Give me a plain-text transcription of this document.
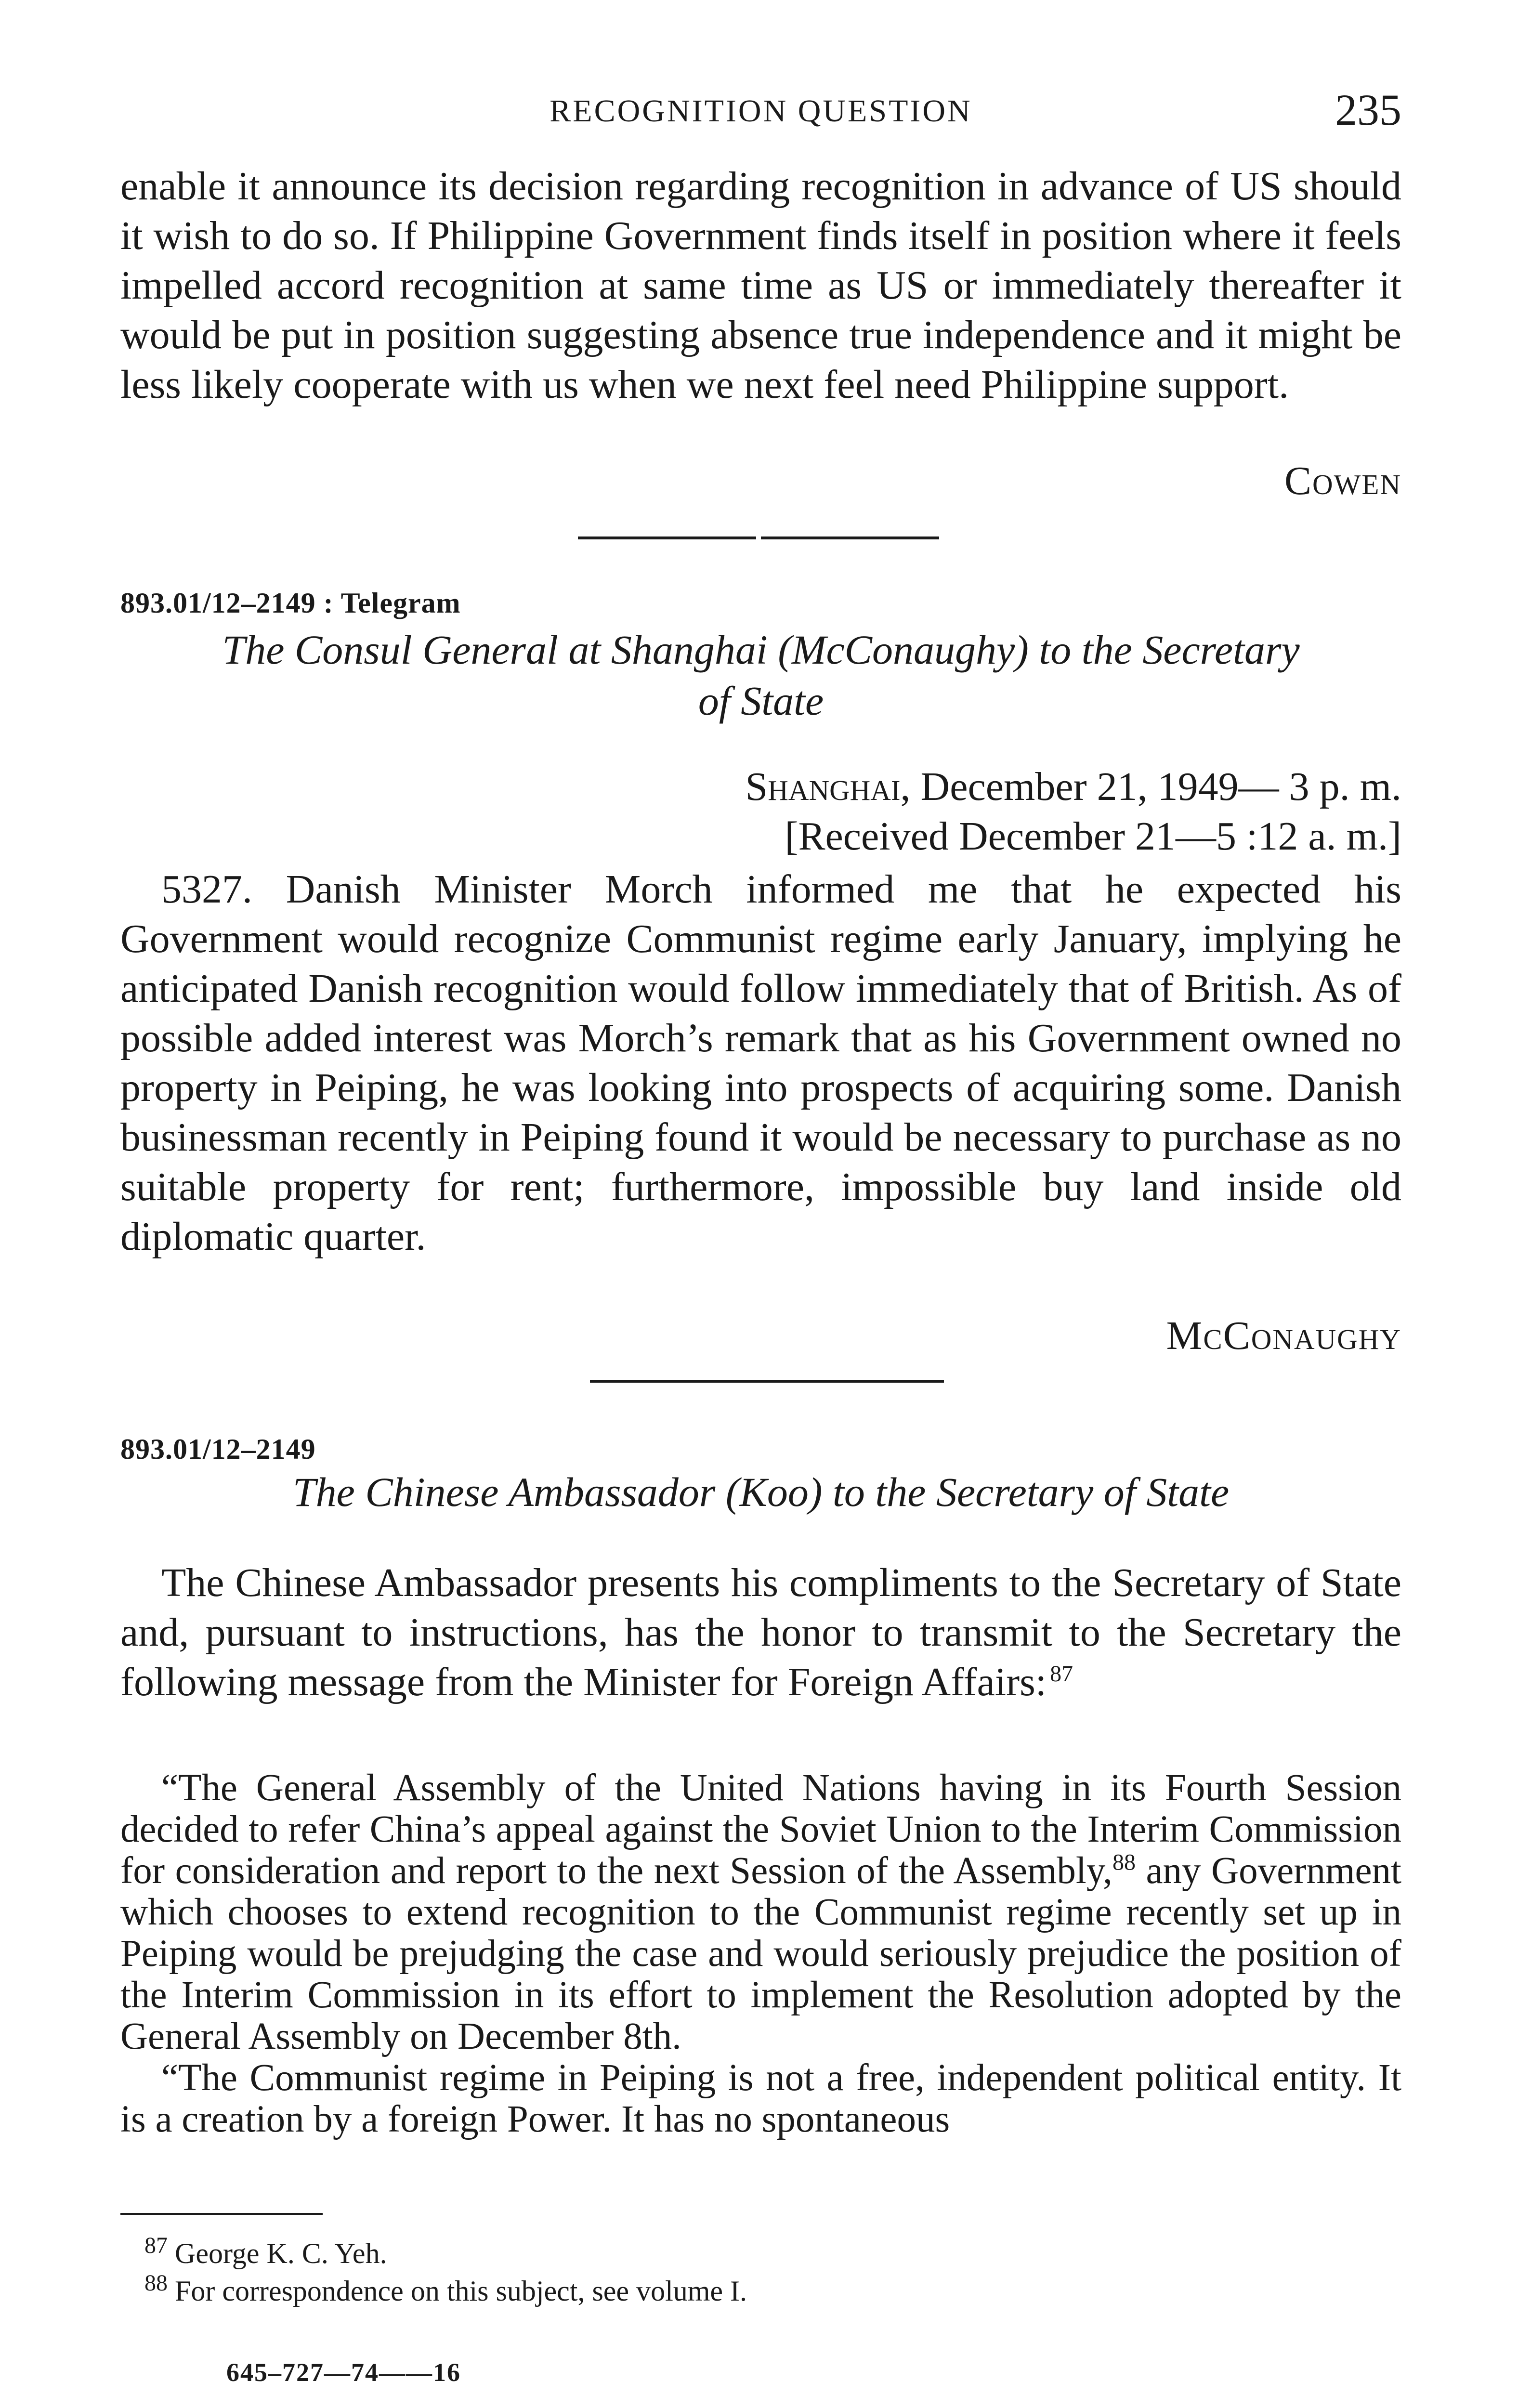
RECOGNITION QUESTION	235

enable it announce its decision regarding recognition in advance of US should it wish to do so. If Philippine Government finds itself in position where it feels impelled accord recognition at same time as US or immediately thereafter it would be put in position suggesting absence true independence and it might be less likely cooperate with us when we next feel need Philippine support.

Cowen
893.01/12–2149 : Telegram
The Consul General at Shanghai (McConaughy) to the Secretary
of State
Shanghai, December 21, 1949— 3 p. m.
[Received December 21—5 :12 a. m.]

5327. Danish Minister Morch informed me that he expected his Government would recognize Communist regime early January, implying he anticipated Danish recognition would follow immediately that of British. As of possible added interest was Morch’s remark that as his Government owned no property in Peiping, he was looking into prospects of acquiring some. Danish businessman recently in Peiping found it would be necessary to purchase as no suitable property for rent; furthermore, impossible buy land inside old diplomatic quarter.

McConaughy
893.01/12–2149
The Chinese Ambassador (Koo) to the Secretary of State

The Chinese Ambassador presents his compliments to the Secretary of State and, pursuant to instructions, has the honor to transmit to the Secretary the following message from the Minister for Foreign Affairs:  $^{87}$

“The General Assembly of the United Nations having in its Fourth Session decided to refer China’s appeal against the Soviet Union to the Interim Commission for consideration and report to the next Session of the Assembly,$^{88}$ any Government which chooses to extend recognition to the Communist regime recently set up in Peiping would be prejudging the case and would seriously prejudice the position of the Interim Commission in its effort to implement the Resolution adopted by the General Assembly on December 8th.

“The Communist regime in Peiping is not a free, independent political entity. It is a creation by a foreign Power. It has no spontaneous

$^{87}$ George K. C. Yeh.

$^{88}$ For correspondence on this subject, see volume I.

645–727—74——16
